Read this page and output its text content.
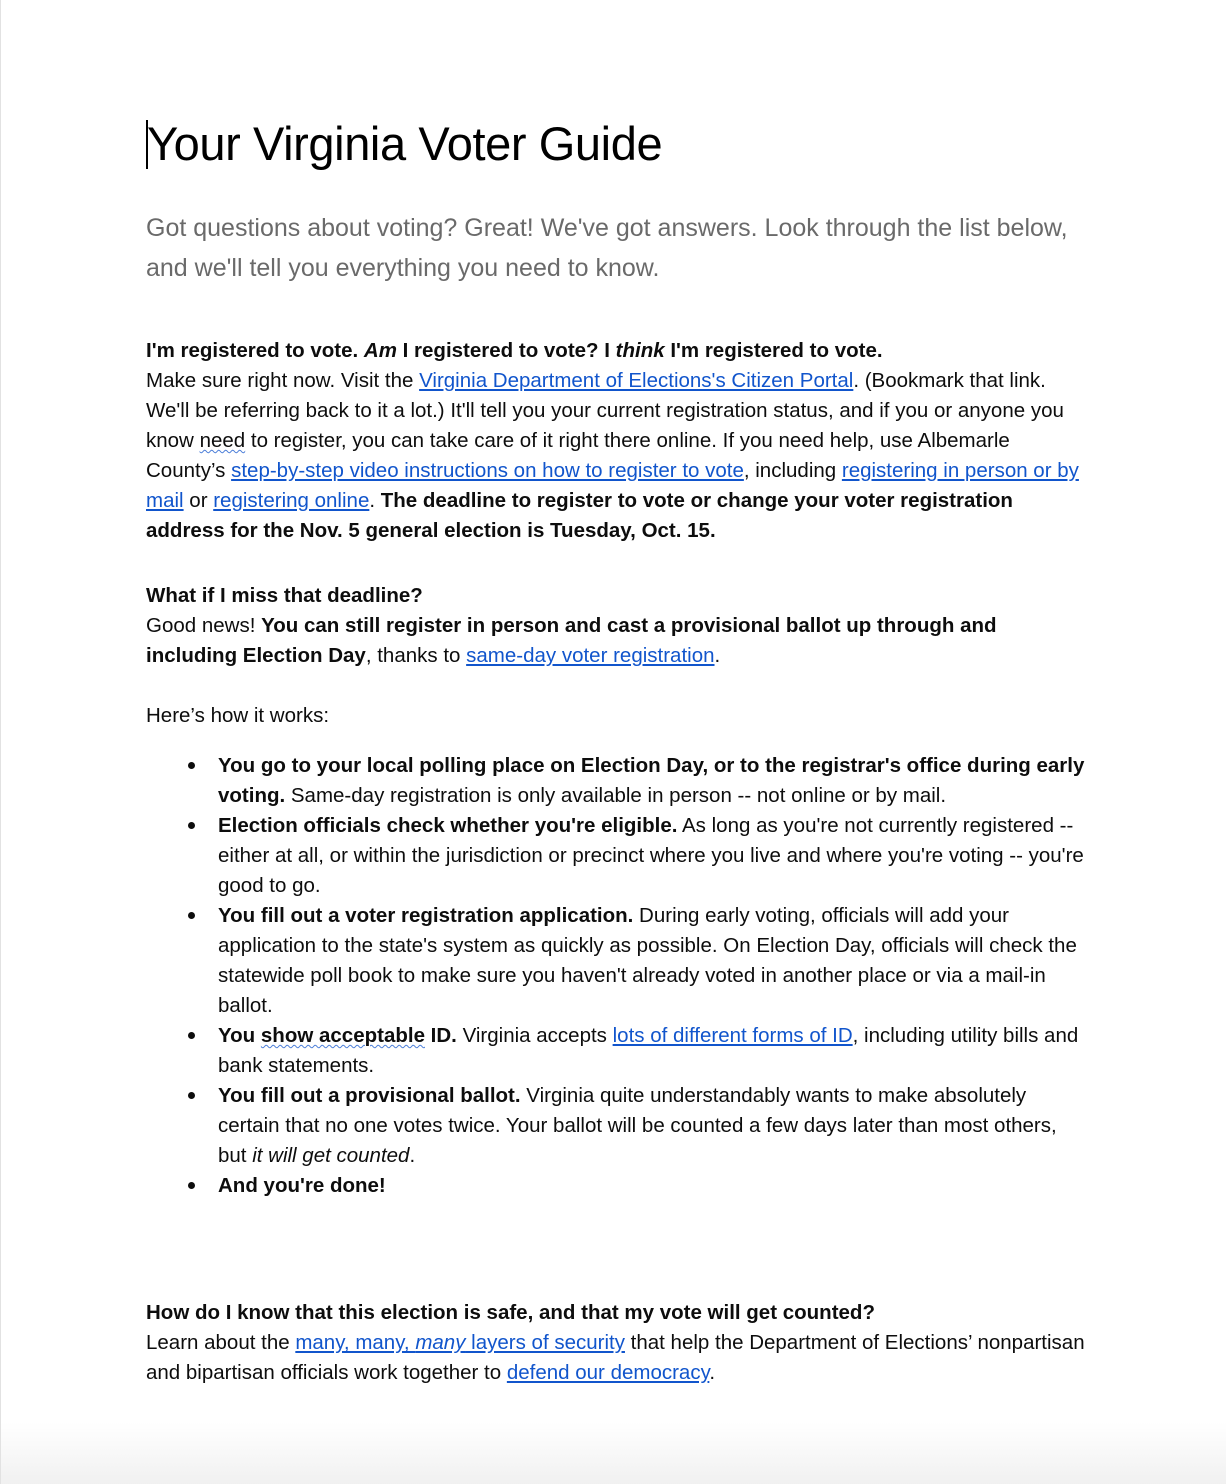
Your Virginia Voter Guide

Got questions about voting? Great! We've got answers. Look through the list below, and we'll tell you everything you need to know.

I'm registered to vote. Am I registered to vote? I think I'm registered to vote.
Make sure right now. Visit the Virginia Department of Elections's Citizen Portal. (Bookmark that link. We'll be referring back to it a lot.) It'll tell you your current registration status, and if you or anyone you know need to register, you can take care of it right there online. If you need help, use Albemarle County’s step-by-step video instructions on how to register to vote, including registering in person or by mail or registering online. The deadline to register to vote or change your voter registration address for the Nov. 5 general election is Tuesday, Oct. 15.
What if I miss that deadline?
Good news! You can still register in person and cast a provisional ballot up through and including Election Day, thanks to same-day voter registration.
Here’s how it works:
You go to your local polling place on Election Day, or to the registrar's office during early voting. Same-day registration is only available in person -- not online or by mail.
Election officials check whether you're eligible. As long as you're not currently registered -- either at all, or within the jurisdiction or precinct where you live and where you're voting -- you're good to go.
You fill out a voter registration application. During early voting, officials will add your application to the state's system as quickly as possible. On Election Day, officials will check the statewide poll book to make sure you haven't already voted in another place or via a mail-in ballot.
You show acceptable ID. Virginia accepts lots of different forms of ID, including utility bills and bank statements.
You fill out a provisional ballot. Virginia quite understandably wants to make absolutely certain that no one votes twice. Your ballot will be counted a few days later than most others, but it will get counted.
And you're done!
How do I know that this election is safe, and that my vote will get counted?
Learn about the many, many, many layers of security that help the Department of Elections’ nonpartisan and bipartisan officials work together to defend our democracy.
